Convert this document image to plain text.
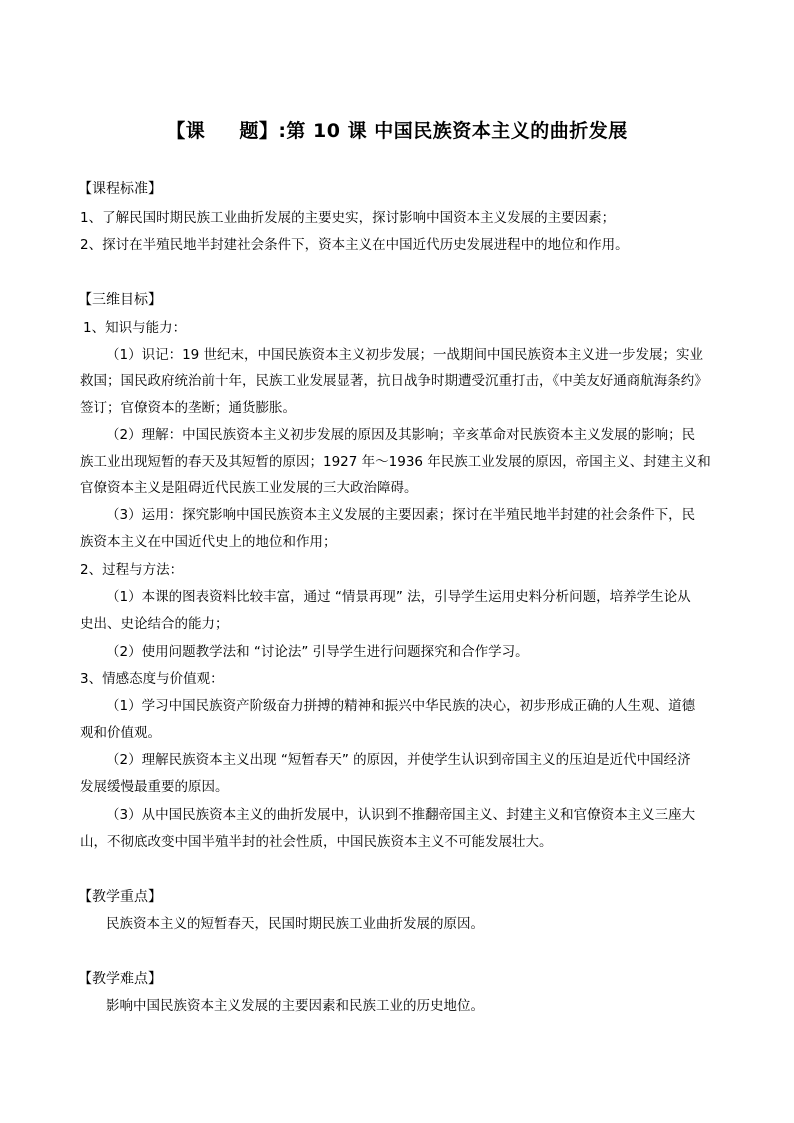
【课 题】:第 10 课 中国民族资本主义的曲折发展
【课程标准】
1、了解民国时期民族工业曲折发展的主要史实，探讨影响中国资本主义发展的主要因素；
2、探讨在半殖民地半封建社会条件下，资本主义在中国近代历史发展进程中的地位和作用。
【三维目标】
1、知识与能力：
（1）识记：19 世纪末，中国民族资本主义初步发展；一战期间中国民族资本主义进一步发展；实业
救国；国民政府统治前十年，民族工业发展显著，抗日战争时期遭受沉重打击，《中美友好通商航海条约》
签订；官僚资本的垄断；通货膨胀。
（2）理解：中国民族资本主义初步发展的原因及其影响；辛亥革命对民族资本主义发展的影响；民
族工业出现短暂的春天及其短暂的原因；1927 年～1936 年民族工业发展的原因，帝国主义、封建主义和
官僚资本主义是阻碍近代民族工业发展的三大政治障碍。
（3）运用：探究影响中国民族资本主义发展的主要因素；探讨在半殖民地半封建的社会条件下，民
族资本主义在中国近代史上的地位和作用；
2、过程与方法：
（1）本课的图表资料比较丰富，通过 “情景再现” 法，引导学生运用史料分析问题，培养学生论从
史出、史论结合的能力；
（2）使用问题教学法和 “讨论法” 引导学生进行问题探究和合作学习。
3、情感态度与价值观：
（1）学习中国民族资产阶级奋力拼搏的精神和振兴中华民族的决心，初步形成正确的人生观、道德
观和价值观。
（2）理解民族资本主义出现 “短暂春天” 的原因，并使学生认识到帝国主义的压迫是近代中国经济
发展缓慢最重要的原因。
（3）从中国民族资本主义的曲折发展中，认识到不推翻帝国主义、封建主义和官僚资本主义三座大
山，不彻底改变中国半殖半封的社会性质，中国民族资本主义不可能发展壮大。
【教学重点】
民族资本主义的短暂春天，民国时期民族工业曲折发展的原因。
【教学难点】
影响中国民族资本主义发展的主要因素和民族工业的历史地位。
